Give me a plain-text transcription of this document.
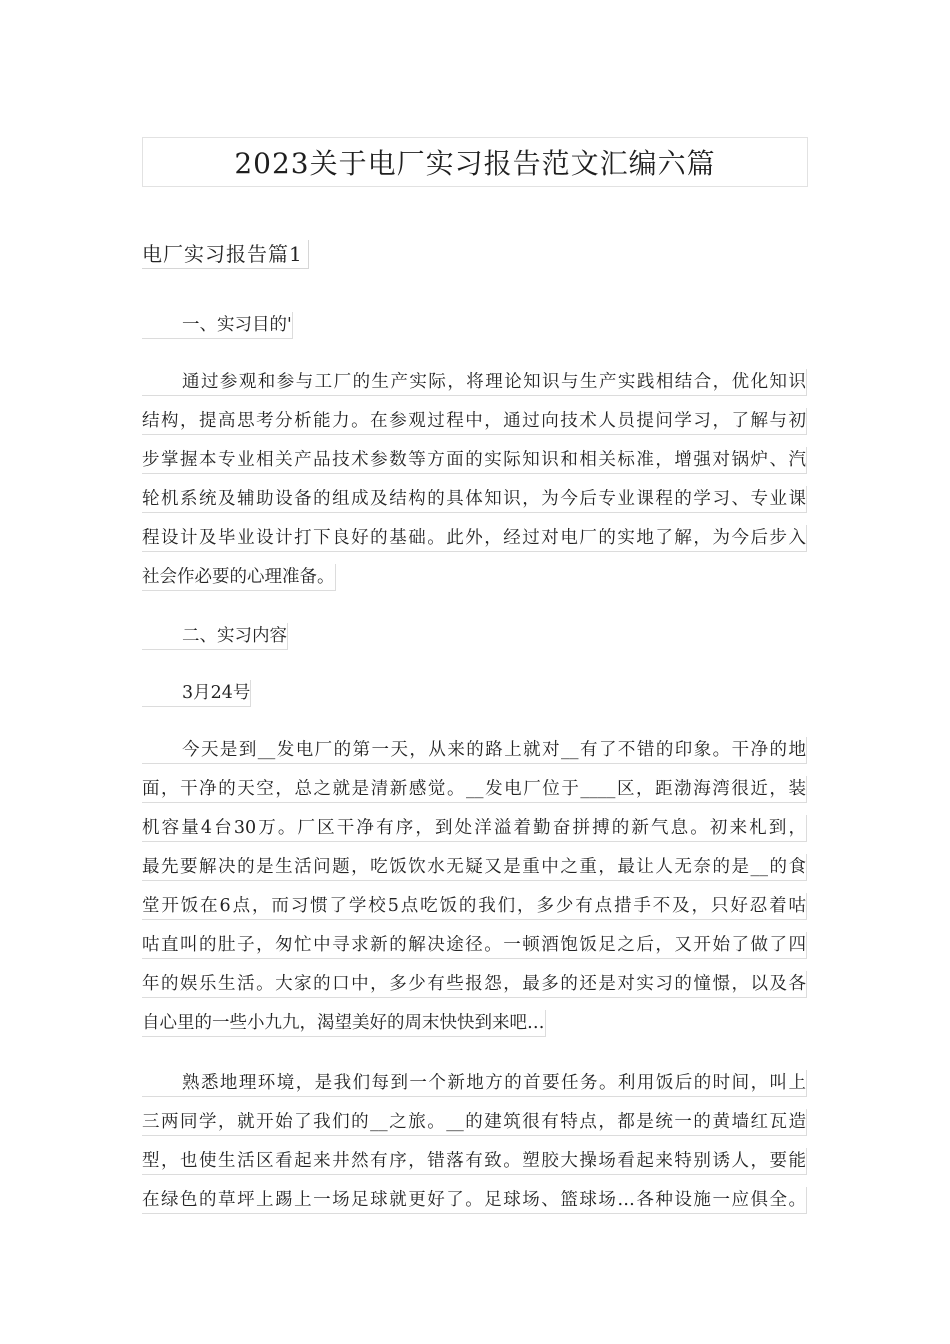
2023关于电厂实习报告范文汇编六篇
电厂实习报告篇1
一、实习目的'
通过参观和参与工厂的生产实际，将理论知识与生产实践相结合，优化知识
结构，提高思考分析能力。在参观过程中，通过向技术人员提问学习，了解与初
步掌握本专业相关产品技术参数等方面的实际知识和相关标准，增强对锅炉、汽
轮机系统及辅助设备的组成及结构的具体知识，为今后专业课程的学习、专业课
程设计及毕业设计打下良好的基础。此外，经过对电厂的实地了解，为今后步入
社会作必要的心理准备。
二、实习内容
3月24号
今天是到__发电厂的第一天，从来的路上就对__有了不错的印象。干净的地
面，干净的天空，总之就是清新感觉。__发电厂位于____区，距渤海湾很近，装
机容量4台30万。厂区干净有序，到处洋溢着勤奋拼搏的新气息。初来札到，
最先要解决的是生活问题，吃饭饮水无疑又是重中之重，最让人无奈的是__的食
堂开饭在6点，而习惯了学校5点吃饭的我们，多少有点措手不及，只好忍着咕
咕直叫的肚子，匆忙中寻求新的解决途径。一顿酒饱饭足之后，又开始了做了四
年的娱乐生活。大家的口中，多少有些报怨，最多的还是对实习的憧憬，以及各
自心里的一些小九九，渴望美好的周末快快到来吧…
熟悉地理环境，是我们每到一个新地方的首要任务。利用饭后的时间，叫上
三两同学，就开始了我们的__之旅。__的建筑很有特点，都是统一的黄墙红瓦造
型，也使生活区看起来井然有序，错落有致。塑胶大操场看起来特别诱人，要能
在绿色的草坪上踢上一场足球就更好了。足球场、篮球场…各种设施一应俱全。
